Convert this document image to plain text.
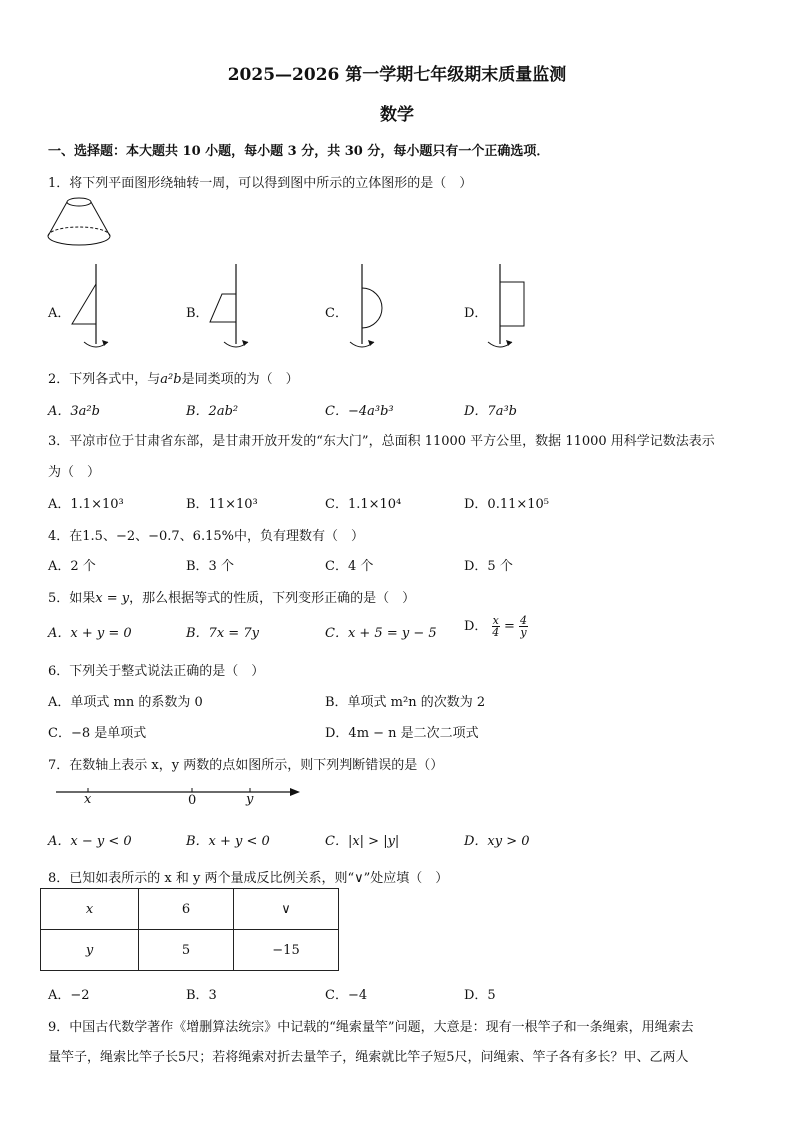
2025—2026 第一学期七年级期末质量监测
数学
一、选择题：本大题共 10 小题，每小题 3 分，共 30 分，每小题只有一个正确选项．
1．将下列平面图形绕轴转一周，可以得到图中所示的立体图形的是（　）
A．	B．	C．	D．
2．下列各式中，与a²b是同类项的为（　）
A．3a²b	B．2ab²	C．−4a³b³	D．7a³b
3．平凉市位于甘肃省东部，是甘肃开放开发的“东大门”，总面积 11000 平方公里，数据 11000 用科学记数法表示
为（　）
A．1.1×10³	B．11×10³	C．1.1×10⁴	D．0.11×10⁵
4．在1.5、−2、−0.7、6.15%中，负有理数有（　）
A．2 个	B．3 个	C．4 个	D．5 个
5．如果x = y，那么根据等式的性质，下列变形正确的是（　）
A．x + y = 0	B．7x = 7y	C．x + 5 = y − 5 D． $\frac{x}{4} = \frac{4}{y}$
6．下列关于整式说法正确的是（　）
A．单项式 mn 的系数为 0	B．单项式 m²n 的次数为 2
C．−8 是单项式	D．4m − n 是二次二项式
7．在数轴上表示 x，y 两数的点如图所示，则下列判断错误的是（）
x	0	y
A．x − y < 0	B．x + y < 0	C．|x| > |y|	D．xy > 0
8．已知如表所示的 x 和 y 两个量成反比例关系，则“∨”处应填（　）
x	6	∨
y	5	−15
A．−2	B．3	C．−4	D．5
9．中国古代数学著作《增删算法统宗》中记载的“绳索量竿”问题，大意是：现有一根竿子和一条绳索，用绳索去
量竿子，绳索比竿子长5尺；若将绳索对折去量竿子，绳索就比竿子短5尺，问绳索、竿子各有多长？甲、乙两人
